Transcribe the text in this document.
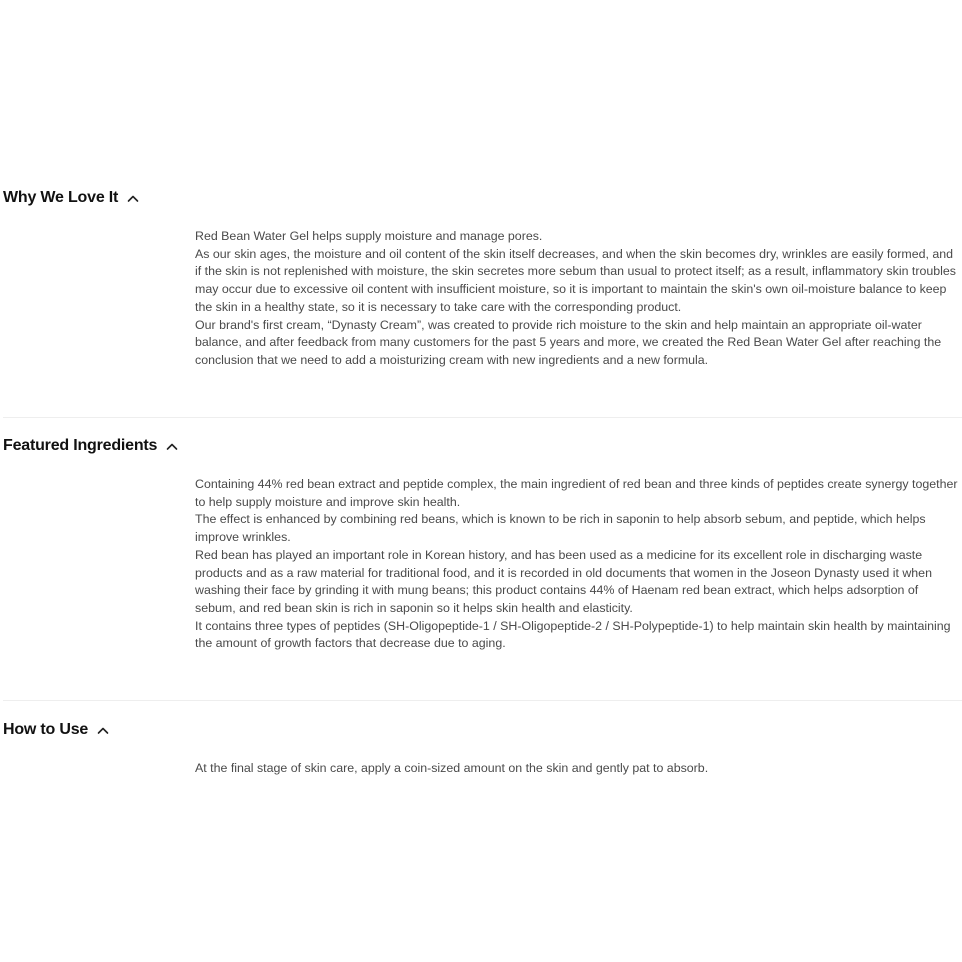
Why We Love It

Red Bean Water Gel helps supply moisture and manage pores.

As our skin ages, the moisture and oil content of the skin itself decreases, and when the skin becomes dry, wrinkles are easily formed, and if the skin is not replenished with moisture, the skin secretes more sebum than usual to protect itself; as a result, inflammatory skin troubles may occur due to excessive oil content with insufficient moisture, so it is important to maintain the skin's own oil-moisture balance to keep the skin in a healthy state, so it is necessary to take care with the corresponding product.

Our brand's first cream, “Dynasty Cream”, was created to provide rich moisture to the skin and help maintain an appropriate oil-water balance, and after feedback from many customers for the past 5 years and more, we created the Red Bean Water Gel after reaching the conclusion that we need to add a moisturizing cream with new ingredients and a new formula.

Featured Ingredients

Containing 44% red bean extract and peptide complex, the main ingredient of red bean and three kinds of peptides create synergy together to help supply moisture and improve skin health.

The effect is enhanced by combining red beans, which is known to be rich in saponin to help absorb sebum, and peptide, which helps improve wrinkles.

Red bean has played an important role in Korean history, and has been used as a medicine for its excellent role in discharging waste products and as a raw material for traditional food, and it is recorded in old documents that women in the Joseon Dynasty used it when washing their face by grinding it with mung beans; this product contains 44% of Haenam red bean extract, which helps adsorption of sebum, and red bean skin is rich in saponin so it helps skin health and elasticity.

It contains three types of peptides (SH-Oligopeptide-1 / SH-Oligopeptide-2 / SH-Polypeptide-1) to help maintain skin health by maintaining the amount of growth factors that decrease due to aging.

How to Use

At the final stage of skin care, apply a coin-sized amount on the skin and gently pat to absorb.
